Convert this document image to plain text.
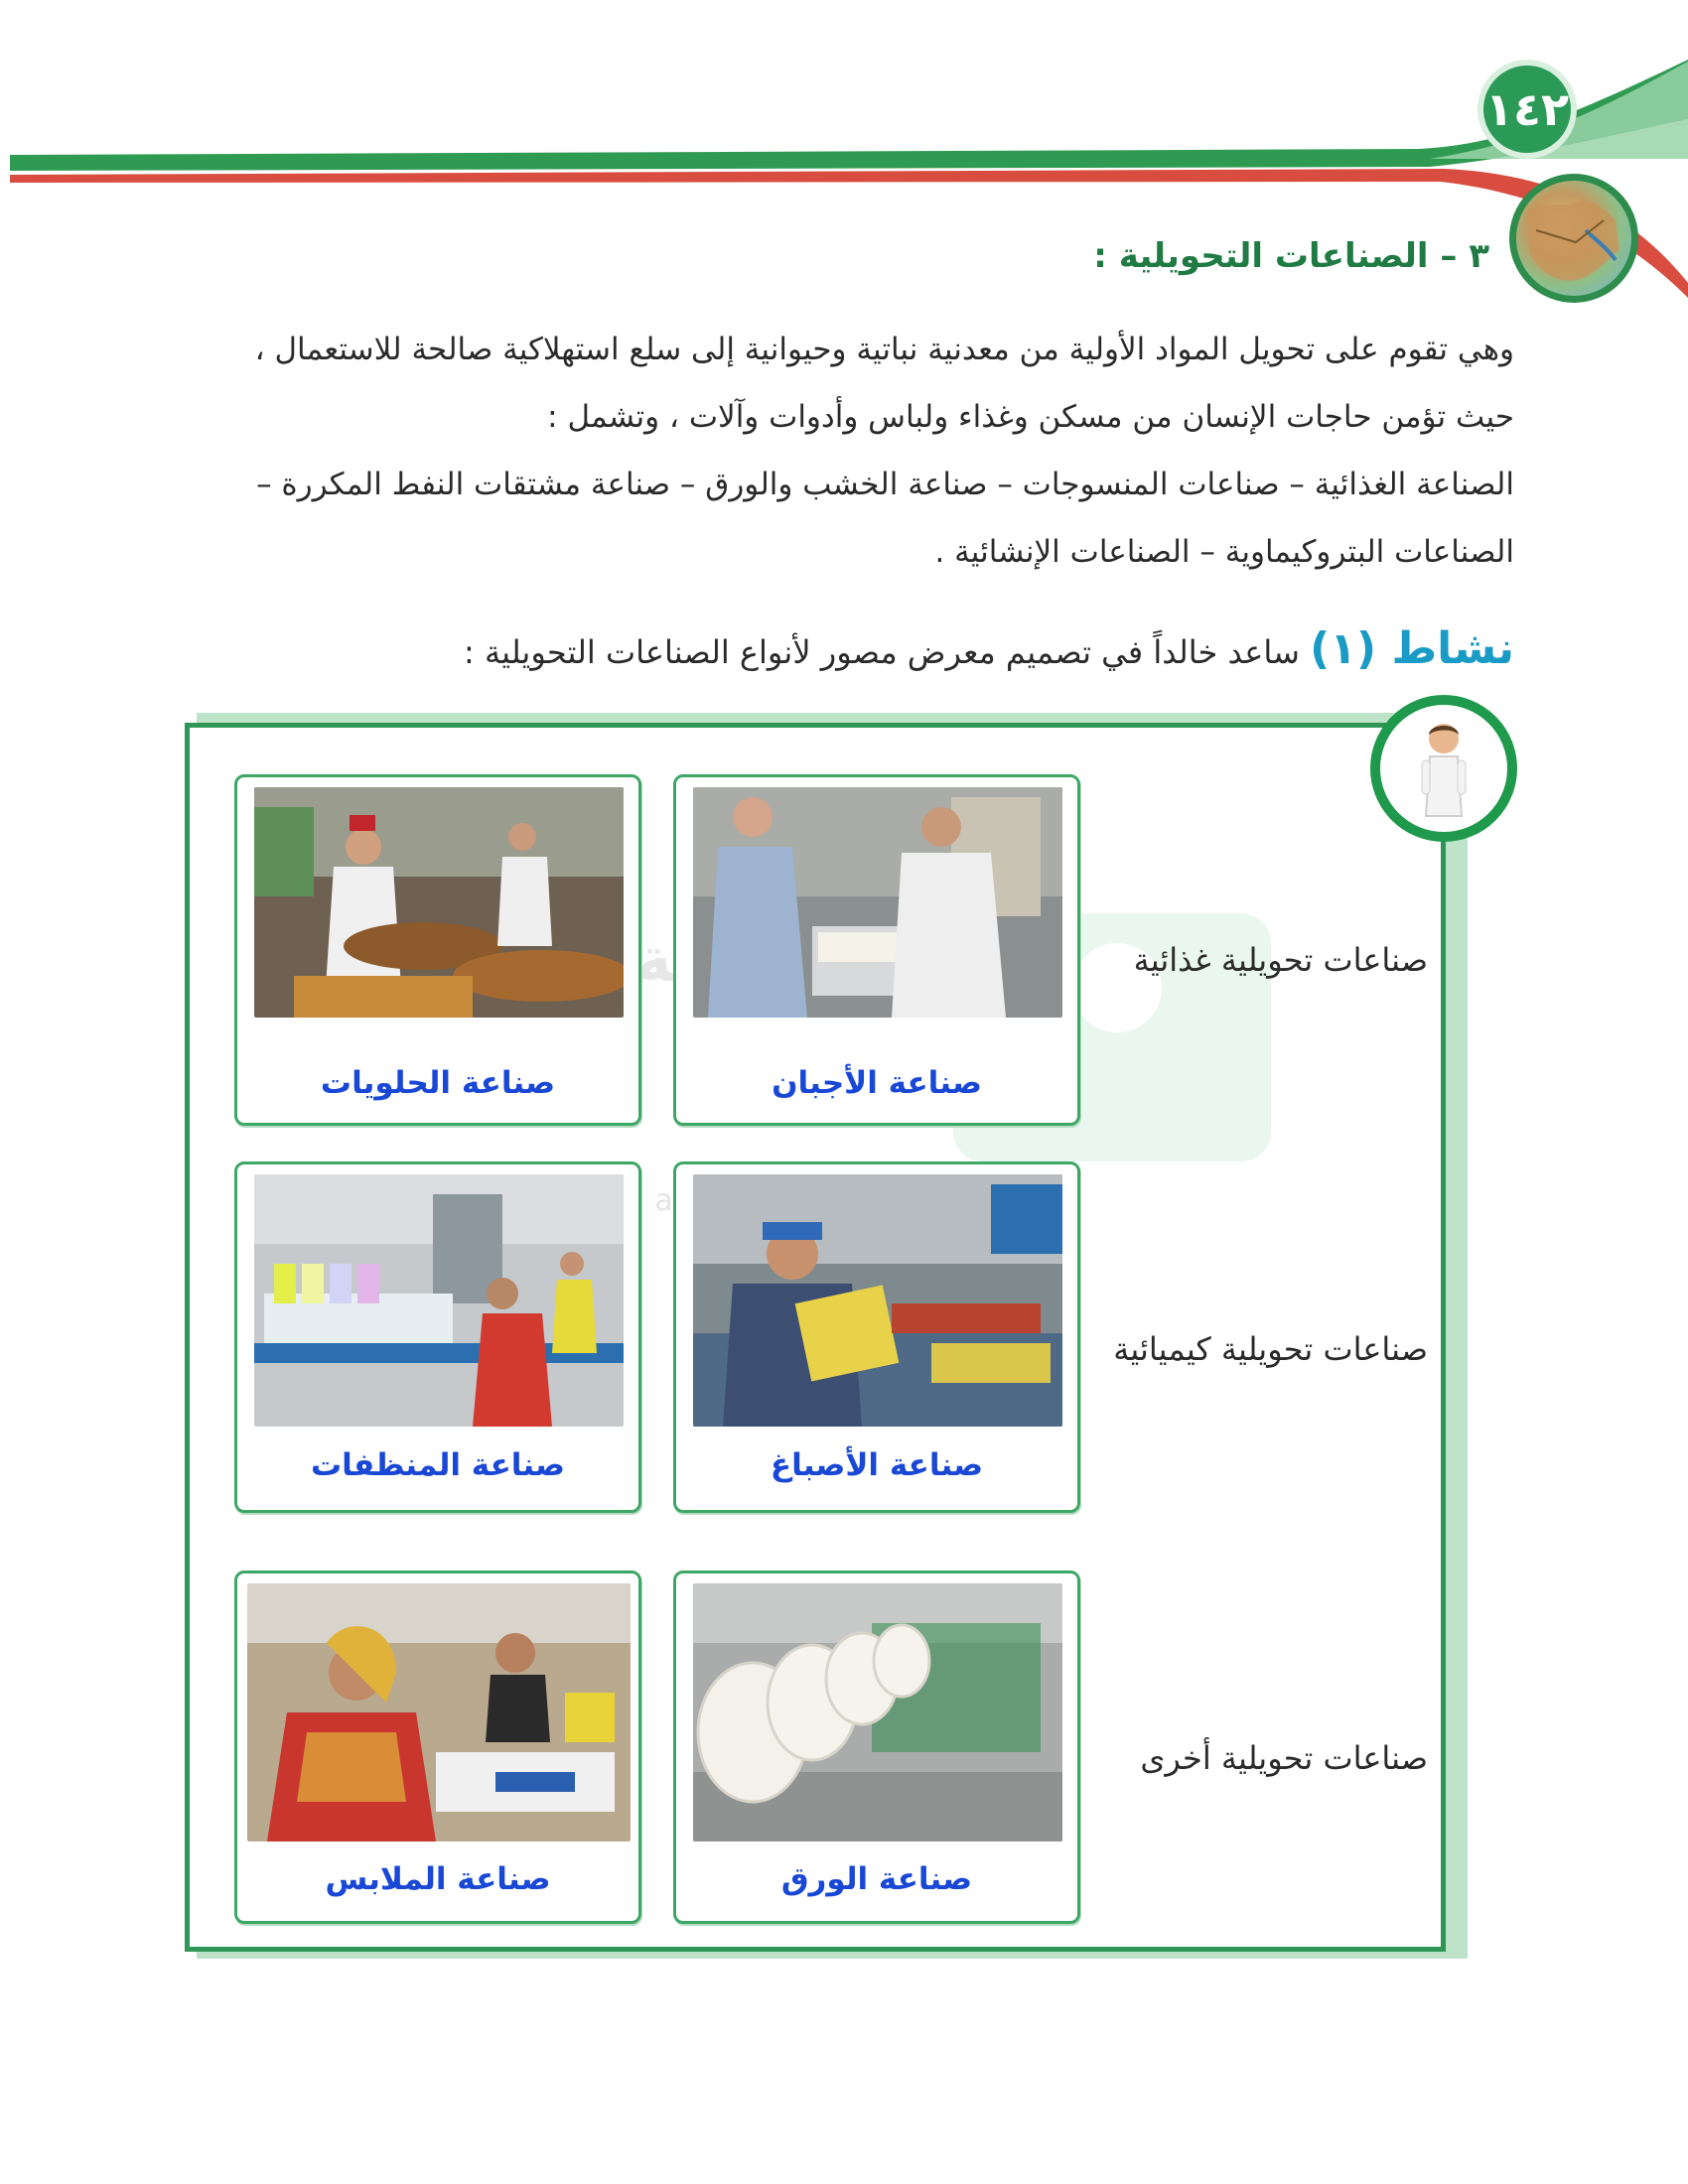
١٤٢
٣ – الصناعات التحويلية :
وهي تقوم على تحويل المواد الأولية من معدنية نباتية وحيوانية إلى سلع استهلاكية صالحة للاستعمال ،
حيث تؤمن حاجات الإنسان من مسكن وغذاء ولباس وأدوات وآلات ، وتشمل :
الصناعة الغذائية – صناعات المنسوجات – صناعة الخشب والورق – صناعة مشتقات النفط المكررة –
الصناعات البتروكيماوية – الصناعات الإنشائية .
نشاط (١) ساعد خالداً في تصميم معرض مصور لأنواع الصناعات التحويلية :
صناعات تحويلية غذائية
صناعات تحويلية كيميائية
صناعات تحويلية أخرى
صناعة الأجبان
صناعة الحلويات
صناعة الأصباغ
صناعة المنظفات
صناعة الورق
صناعة الملابس
